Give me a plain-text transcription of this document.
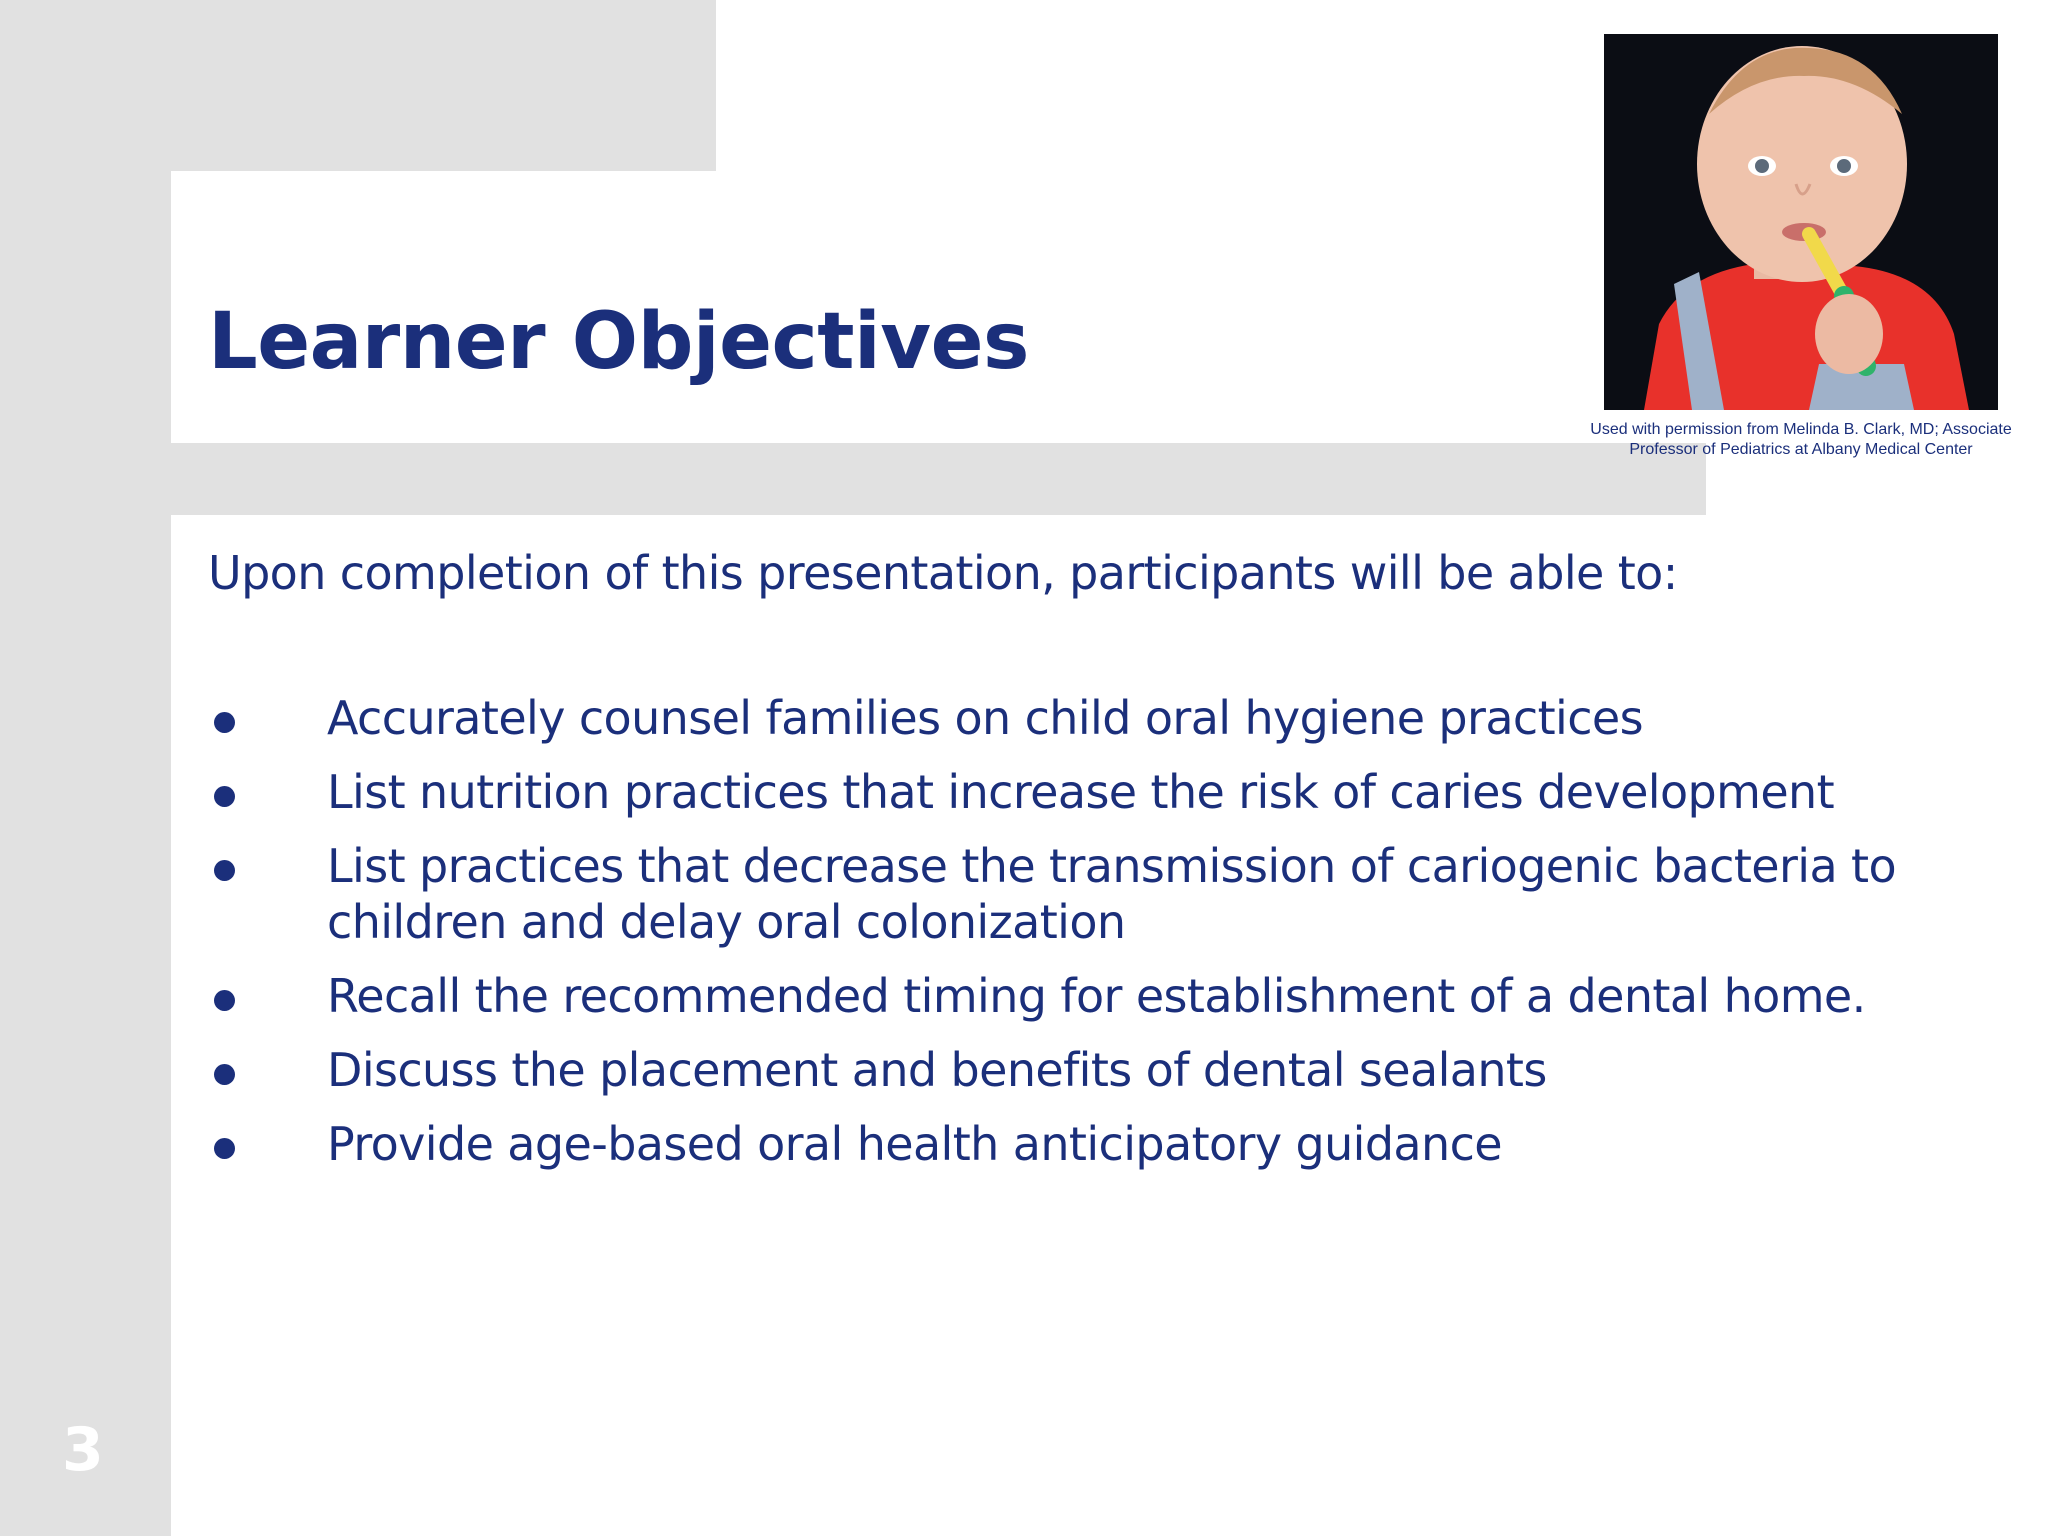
Learner Objectives
Used with permission from Melinda B. Clark, MD; Associate Professor of Pediatrics at Albany Medical Center

Upon completion of this presentation, participants will be able to:

Accurately counsel families on child oral hygiene practices
List nutrition practices that increase the risk of caries development
List practices that decrease the transmission of cariogenic bacteria to children and delay oral colonization
Recall the recommended timing for establishment of a dental home.
Discuss the placement and benefits of dental sealants
Provide age-based oral health anticipatory guidance
3
